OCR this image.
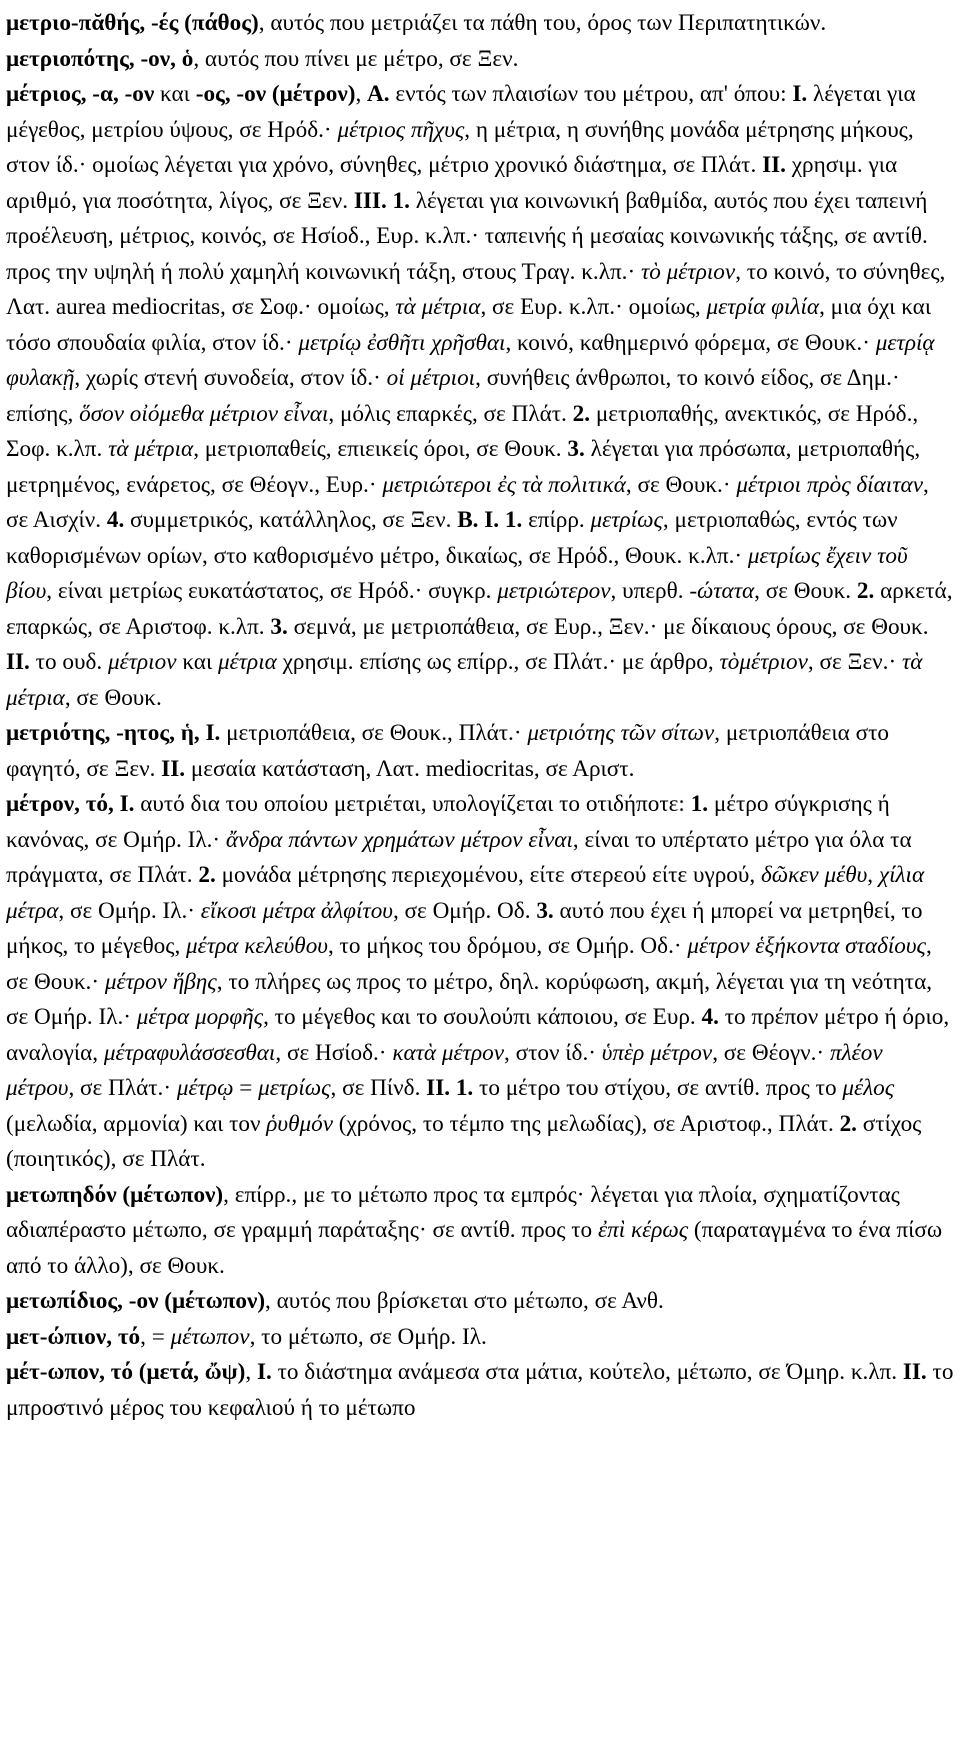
μετριο-πᾰθής, -ές (πάθος), αυτός που μετριάζει τα πάθη του, όρος των Περιπατητικών.

μετριοπότης, -ον, ὁ, αυτός που πίνει με μέτρο, σε Ξεν.

μέτριος, -α, -ον και -ος, -ον (μέτρον), Α. εντός των πλαισίων του μέτρου, απ' όπου: I. λέγεται για μέγεθος, μετρίου ύψους, σε Ηρόδ.· μέτριος πῆχυς, η μέτρια, η συνήθης μονάδα μέτρησης μήκους, στον ίδ.· ομοίως λέγεται για χρόνο, σύνηθες, μέτριο χρονικό διάστημα, σε Πλάτ. II. χρησιμ. για αριθμό, για ποσότητα, λίγος, σε Ξεν. III. 1. λέγεται για κοινωνική βαθμίδα, αυτός που έχει ταπεινή προέλευση, μέτριος, κοινός, σε Ησίοδ., Ευρ. κ.λπ.· ταπεινής ή μεσαίας κοινωνικής τάξης, σε αντίθ. προς την υψηλή ή πολύ χαμηλή κοινωνική τάξη, στους Τραγ. κ.λπ.· τὸ μέτριον, το κοινό, το σύνηθες, Λατ. aurea mediocritas, σε Σοφ.· ομοίως, τὰ μέτρια, σε Ευρ. κ.λπ.· ομοίως, μετρία φιλία, μια όχι και τόσο σπουδαία φιλία, στον ίδ.· μετρίῳ ἐσθῆτι χρῆσθαι, κοινό, καθημερινό φόρεμα, σε Θουκ.· μετρίᾳ φυλακῇ, χωρίς στενή συνοδεία, στον ίδ.· οἱ μέτριοι, συνήθεις άνθρωποι, το κοινό είδος, σε Δημ.· επίσης, ὅσον οἰόμεθα μέτριον εἶναι, μόλις επαρκές, σε Πλάτ. 2. μετριοπαθής, ανεκτικός, σε Ηρόδ., Σοφ. κ.λπ. τὰ μέτρια, μετριοπαθείς, επιεικείς όροι, σε Θουκ. 3. λέγεται για πρόσωπα, μετριοπαθής, μετρημένος, ενάρετος, σε Θέογν., Ευρ.· μετριώτεροι ἐς τὰ πολιτικά, σε Θουκ.· μέτριοι πρὸς δίαιταν, σε Αισχίν. 4. συμμετρικός, κατάλληλος, σε Ξεν. Β. I. 1. επίρρ. μετρίως, μετριοπαθώς, εντός των καθορισμένων ορίων, στο καθορισμένο μέτρο, δικαίως, σε Ηρόδ., Θουκ. κ.λπ.· μετρίως ἔχειν τοῦ βίου, είναι μετρίως ευκατάστατος, σε Ηρόδ.· συγκρ. μετριώτερον, υπερθ. -ώτατα, σε Θουκ. 2. αρκετά, επαρκώς, σε Αριστοφ. κ.λπ. 3. σεμνά, με μετριοπάθεια, σε Ευρ., Ξεν.· με δίκαιους όρους, σε Θουκ. II. το ουδ. μέτριον και μέτρια χρησιμ. επίσης ως επίρρ., σε Πλάτ.· με άρθρο, τὸμέτριον, σε Ξεν.· τὰ μέτρια, σε Θουκ.

μετριότης, -ητος, ἡ, I. μετριοπάθεια, σε Θουκ., Πλάτ.· μετριότης τῶν σίτων, μετριοπάθεια στο φαγητό, σε Ξεν. II. μεσαία κατάσταση, Λατ. mediocritas, σε Αριστ.

μέτρον, τό, I. αυτό δια του οποίου μετριέται, υπολογίζεται το οτιδήποτε: 1. μέτρο σύγκρισης ή κανόνας, σε Ομήρ. Ιλ.· ἄνδρα πάντων χρημάτων μέτρον εἶναι, είναι το υπέρτατο μέτρο για όλα τα πράγματα, σε Πλάτ. 2. μονάδα μέτρησης περιεχομένου, είτε στερεού είτε υγρού, δῶκεν μέθυ, χίλια μέτρα, σε Ομήρ. Ιλ.· εἴκοσι μέτρα ἀλφίτου, σε Ομήρ. Οδ. 3. αυτό που έχει ή μπορεί να μετρηθεί, το μήκος, το μέγεθος, μέτρα κελεύθου, το μήκος του δρόμου, σε Ομήρ. Οδ.· μέτρον ἑξήκοντα σταδίους, σε Θουκ.· μέτρον ἥβης, το πλήρες ως προς το μέτρο, δηλ. κορύφωση, ακμή, λέγεται για τη νεότητα, σε Ομήρ. Ιλ.· μέτρα μορφῆς, το μέγεθος και το σουλούπι κάποιου, σε Ευρ. 4. το πρέπον μέτρο ή όριο, αναλογία, μέτραφυλάσσεσθαι, σε Ησίοδ.· κατὰ μέτρον, στον ίδ.· ὑπὲρ μέτρον, σε Θέογν.· πλέον μέτρου, σε Πλάτ.· μέτρῳ = μετρίως, σε Πίνδ. II. 1. το μέτρο του στίχου, σε αντίθ. προς το μέλος (μελωδία, αρμονία) και τον ῥυθμόν (χρόνος, το τέμπο της μελωδίας), σε Αριστοφ., Πλάτ. 2. στίχος (ποιητικός), σε Πλάτ.

μετωπηδόν (μέτωπον), επίρρ., με το μέτωπο προς τα εμπρός· λέγεται για πλοία, σχηματίζοντας αδιαπέραστο μέτωπο, σε γραμμή παράταξης· σε αντίθ. προς το ἐπὶ κέρως (παραταγμένα το ένα πίσω από το άλλο), σε Θουκ.

μετωπίδιος, -ον (μέτωπον), αυτός που βρίσκεται στο μέτωπο, σε Ανθ.

μετ-ώπιον, τό, = μέτωπον, το μέτωπο, σε Ομήρ. Ιλ.

μέτ-ωπον, τό (μετά, ὤψ), I. το διάστημα ανάμεσα στα μάτια, κούτελο, μέτωπο, σε Όμηρ. κ.λπ. II. το μπροστινό μέρος του κεφαλιού ή το μέτωπο
